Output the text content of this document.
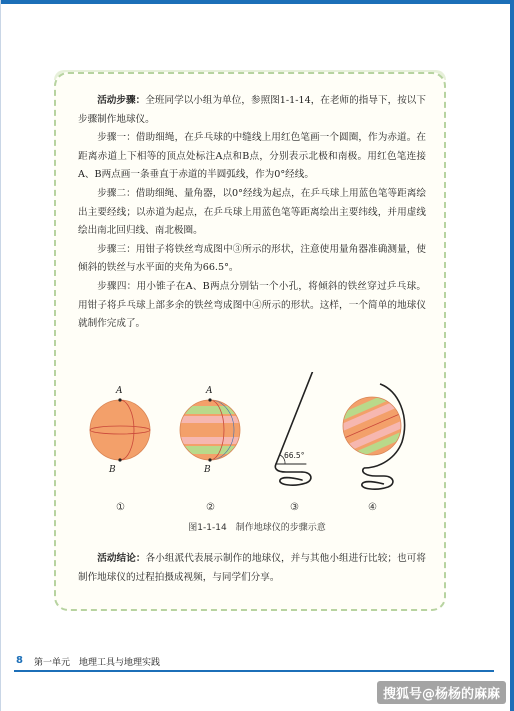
活动步骤：全班同学以小组为单位，参照图1-1-14，在老师的指导下，按以下步骤制作地球仪。

步骤一：借助细绳，在乒乓球的中缝线上用红色笔画一个圆圈，作为赤道。在距离赤道上下相等的顶点处标注A点和B点，分别表示北极和南极。用红色笔连接A、B两点画一条垂直于赤道的半圆弧线，作为0°经线。

步骤二：借助细绳、量角器，以0°经线为起点，在乒乓球上用蓝色笔等距离绘出主要经线；以赤道为起点，在乒乓球上用蓝色笔等距离绘出主要纬线，并用虚线绘出南北回归线、南北极圈。

步骤三：用钳子将铁丝弯成图中③所示的形状，注意使用量角器准确测量，使倾斜的铁丝与水平面的夹角为66.5°。

步骤四：用小锥子在A、B两点分别钻一个小孔，将倾斜的铁丝穿过乒乓球。用钳子将乒乓球上部多余的铁丝弯成图中④所示的形状。这样，一个简单的地球仪就制作完成了。

A
B
A
B
66.5°
①	②	③	④
图1-1-14　制作地球仪的步骤示意

活动结论：各小组派代表展示制作的地球仪，并与其他小组进行比较；也可将制作地球仪的过程拍摄成视频，与同学们分享。

8 第一单元　地理工具与地理实践
搜狐号@杨杨的麻麻
